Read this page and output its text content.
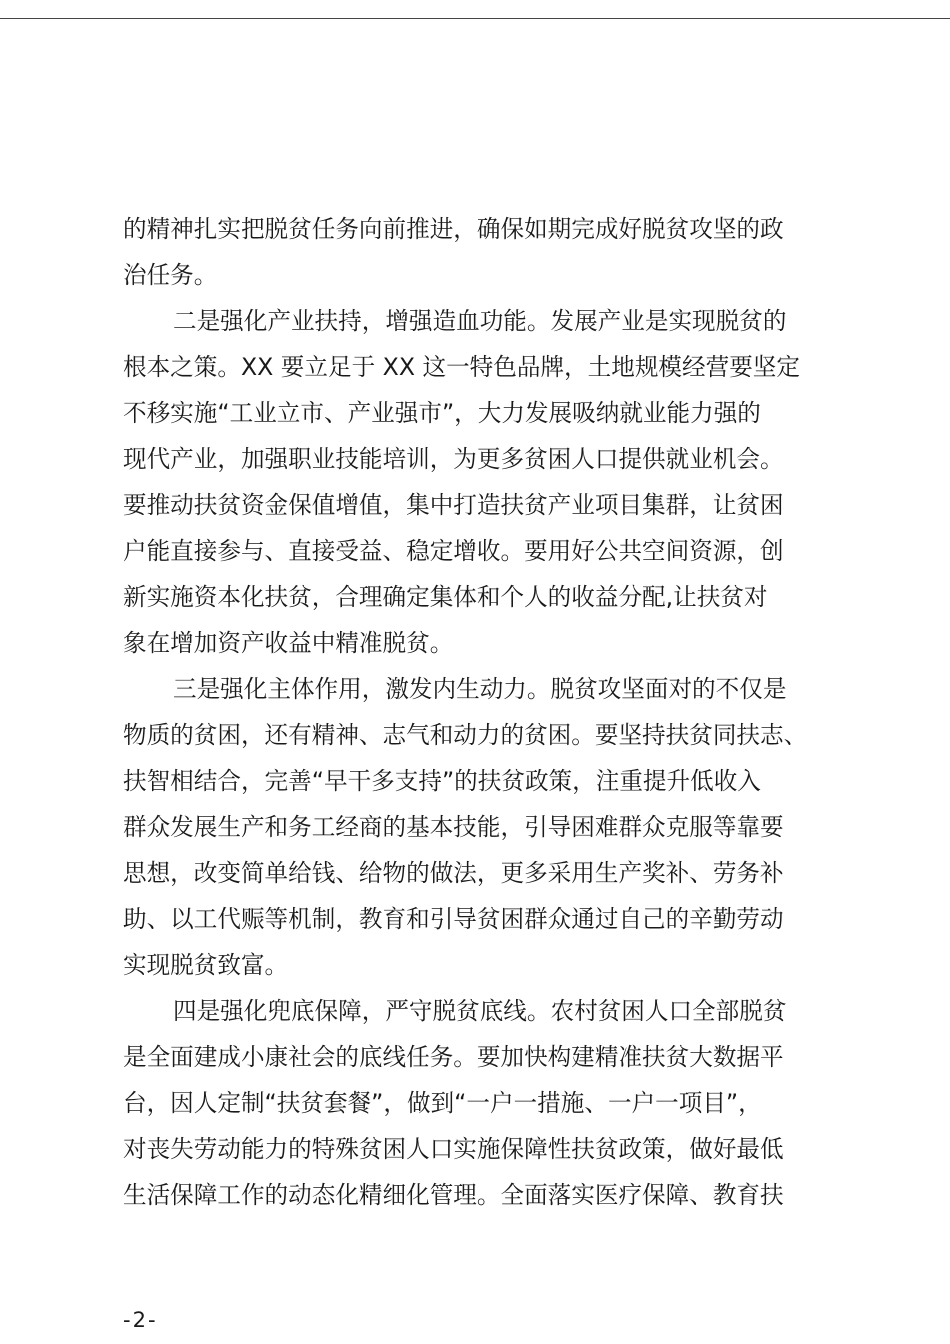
的精神扎实把脱贫任务向前推进，确保如期完成好脱贫攻坚的政
治任务。

二是强化产业扶持，增强造血功能。发展产业是实现脱贫的
根本之策。XX 要立足于 XX 这一特色品牌，土地规模经营要坚定
不移实施“工业立市、产业强市”，大力发展吸纳就业能力强的
现代产业，加强职业技能培训，为更多贫困人口提供就业机会。
要推动扶贫资金保值增值，集中打造扶贫产业项目集群，让贫困
户能直接参与、直接受益、稳定增收。要用好公共空间资源，创
新实施资本化扶贫，合理确定集体和个人的收益分配,让扶贫对
象在增加资产收益中精准脱贫。

三是强化主体作用，激发内生动力。脱贫攻坚面对的不仅是
物质的贫困，还有精神、志气和动力的贫困。要坚持扶贫同扶志、
扶智相结合，完善“早干多支持”的扶贫政策，注重提升低收入
群众发展生产和务工经商的基本技能，引导困难群众克服等靠要
思想，改变简单给钱、给物的做法，更多采用生产奖补、劳务补
助、以工代赈等机制，教育和引导贫困群众通过自己的辛勤劳动
实现脱贫致富。

四是强化兜底保障，严守脱贫底线。农村贫困人口全部脱贫
是全面建成小康社会的底线任务。要加快构建精准扶贫大数据平
台，因人定制“扶贫套餐”，做到“一户一措施、一户一项目”，
对丧失劳动能力的特殊贫困人口实施保障性扶贫政策，做好最低
生活保障工作的动态化精细化管理。全面落实医疗保障、教育扶

-2-
